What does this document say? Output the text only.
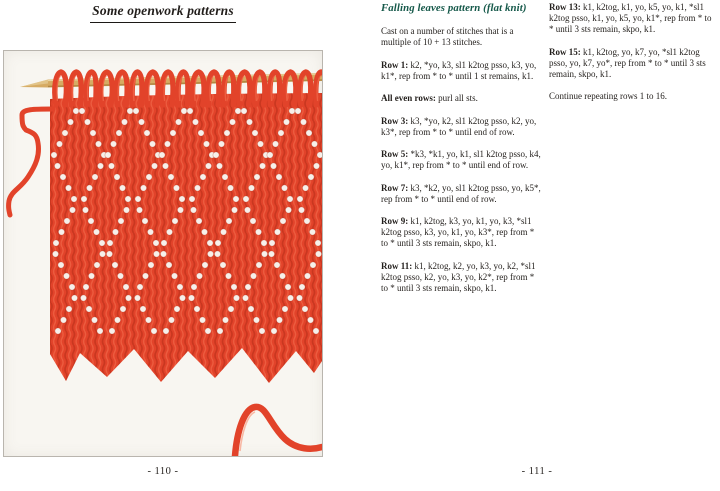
Some openwork patterns
- 110 -
Falling leaves pattern (flat knit)

Cast on a number of stitches that is a multiple of 10 + 13 stitches.

Row 1: k2, *yo, k3, sl1 k2tog psso, k3, yo, k1*, rep from * to * until 1 st remains, k1.

All even rows: purl all sts.

Row 3: k3, *yo, k2, sl1 k2tog psso, k2, yo, k3*, rep from * to * until end of row.

Row 5: *k3, *k1, yo, k1, sl1 k2tog psso, k4, yo, k1*, rep from * to * until end of row.

Row 7: k3, *k2, yo, sl1 k2tog psso, yo, k5*, rep from * to * until end of row.

Row 9: k1, k2tog, k3, yo, k1, yo, k3, *sl1 k2tog psso, k3, yo, k1, yo, k3*, rep from * to * until 3 sts remain, skpo, k1.

Row 11: k1, k2tog, k2, yo, k3, yo, k2, *sl1 k2tog psso, k2, yo, k3, yo, k2*, rep from * to * until 3 sts remain, skpo, k1.

Row 13: k1, k2tog, k1, yo, k5, yo, k1, *sl1 k2tog psso, k1, yo, k5, yo, k1*, rep from * to * until 3 sts remain, skpo, k1.

Row 15: k1, k2tog, yo, k7, yo, *sl1 k2tog psso, yo, k7, yo*, rep from * to * until 3 sts remain, skpo, k1.

Continue repeating rows 1 to 16.

- 111 -
